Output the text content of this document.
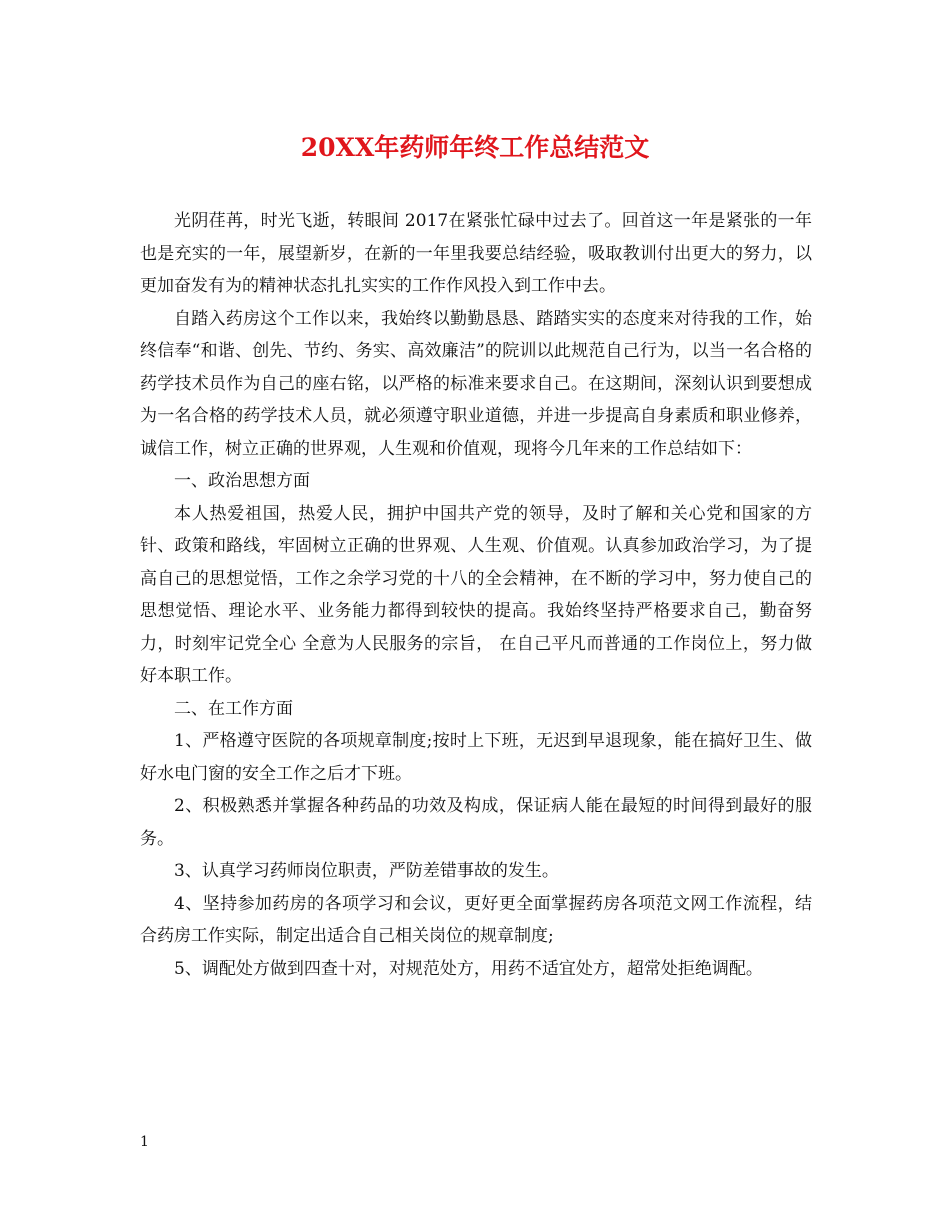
20XX年药师年终工作总结范文

光阴荏苒，时光飞逝，转眼间 2017在紧张忙碌中过去了。回首这一年是紧张的一年也是充实的一年，展望新岁，在新的一年里我要总结经验，吸取教训付出更大的努力，以更加奋发有为的精神状态扎扎实实的工作作风投入到工作中去。

自踏入药房这个工作以来，我始终以勤勤恳恳、踏踏实实的态度来对待我的工作，始终信奉“和谐、创先、节约、务实、高效廉洁”的院训以此规范自己行为，以当一名合格的药学技术员作为自己的座右铭，以严格的标准来要求自己。在这期间，深刻认识到要想成为一名合格的药学技术人员，就必须遵守职业道德，并进一步提高自身素质和职业修养，诚信工作，树立正确的世界观，人生观和价值观，现将今几年来的工作总结如下：

一、政治思想方面

本人热爱祖国，热爱人民，拥护中国共产党的领导，及时了解和关心党和国家的方针、政策和路线，牢固树立正确的世界观、人生观、价值观。认真参加政治学习，为了提高自己的思想觉悟，工作之余学习党的十八的全会精神，在不断的学习中，努力使自己的思想觉悟、理论水平、业务能力都得到较快的提高。我始终坚持严格要求自己，勤奋努力，时刻牢记党全心 全意为人民服务的宗旨， 在自己平凡而普通的工作岗位上，努力做好本职工作。

二、在工作方面

1、严格遵守医院的各项规章制度;按时上下班，无迟到早退现象，能在搞好卫生、做好水电门窗的安全工作之后才下班。

2、积极熟悉并掌握各种药品的功效及构成，保证病人能在最短的时间得到最好的服务。

3、认真学习药师岗位职责，严防差错事故的发生。

4、坚持参加药房的各项学习和会议，更好更全面掌握药房各项范文网工作流程，结合药房工作实际，制定出适合自己相关岗位的规章制度;

5、调配处方做到四查十对，对规范处方，用药不适宜处方，超常处拒绝调配。

1
